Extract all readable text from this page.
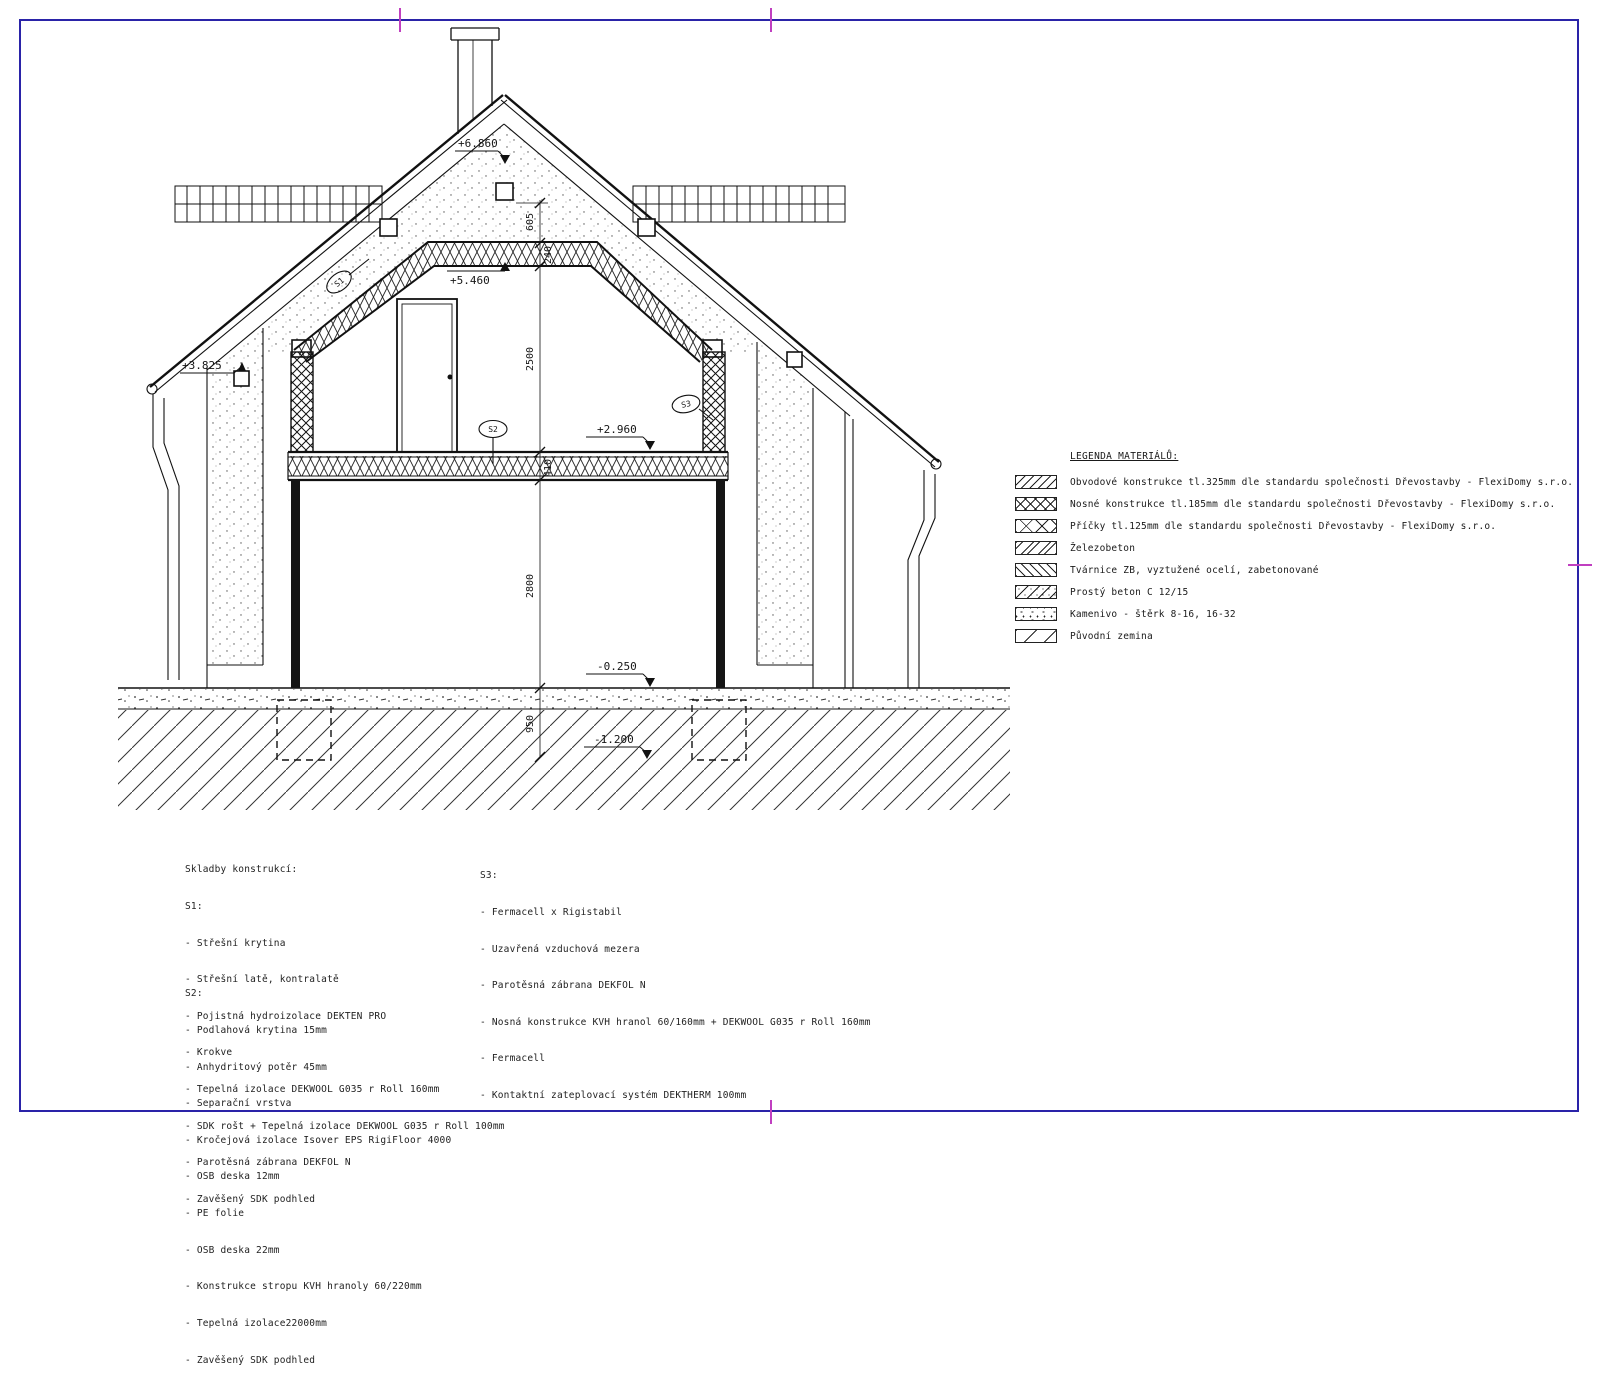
605
240
2500
410
2800
950
+6.860
+5.460
+3.825
+2.960
-0.250
-1.200
S1
S2
S3
LEGENDA MATERIÁLŮ:
Obvodové konstrukce tl.325mm dle standardu společnosti Dřevostavby - FlexiDomy s.r.o.
Nosné konstrukce tl.185mm dle standardu společnosti Dřevostavby - FlexiDomy s.r.o.
Příčky tl.125mm dle standardu společnosti Dřevostavby - FlexiDomy s.r.o.
Železobeton
Tvárnice ZB, vyztužené ocelí, zabetonované
Prostý beton C 12/15
Kamenivo - štěrk 8-16, 16-32
Původní zemina

Skladby konstrukcí:

S1:

- Střešní krytina

- Střešní latě, kontralatě

- Pojistná hydroizolace DEKTEN PRO

- Krokve

- Tepelná izolace DEKWOOL G035 r Roll 160mm

- SDK rošt + Tepelná izolace DEKWOOL G035 r Roll 100mm

- Parotěsná zábrana DEKFOL N

- Zavěšený SDK podhled

S2:

- Podlahová krytina 15mm

- Anhydritový potěr 45mm

- Separační vrstva

- Kročejová izolace Isover EPS RigiFloor 4000

- OSB deska 12mm

- PE folie

- OSB deska 22mm

- Konstrukce stropu KVH hranoly 60/220mm

- Tepelná izolace22000mm

- Zavěšený SDK podhled

S3:

- Fermacell x Rigistabil

- Uzavřená vzduchová mezera

- Parotěsná zábrana DEKFOL N

- Nosná konstrukce KVH hranol 60/160mm + DEKWOOL G035 r Roll 160mm

- Fermacell

- Kontaktní zateplovací systém DEKTHERM 100mm
